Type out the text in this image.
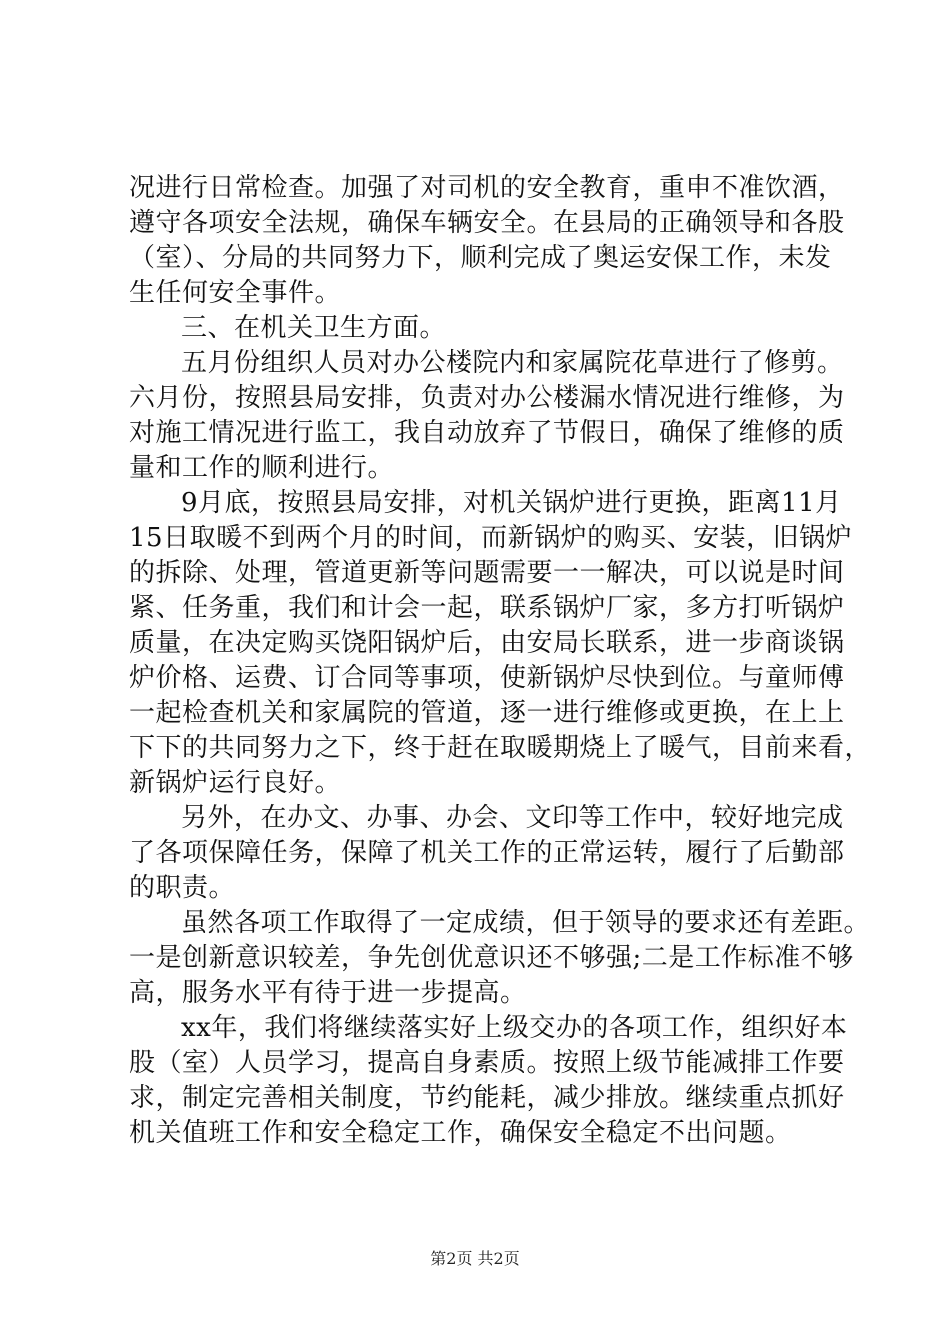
况进行日常检查。加强了对司机的安全教育，重申不准饮酒，
遵守各项安全法规，确保车辆安全。在县局的正确领导和各股
（室）、分局的共同努力下，顺利完成了奥运安保工作，未发
生任何安全事件。
三、在机关卫生方面。
五月份组织人员对办公楼院内和家属院花草进行了修剪。
六月份，按照县局安排，负责对办公楼漏水情况进行维修，为
对施工情况进行监工，我自动放弃了节假日，确保了维修的质
量和工作的顺利进行。
9月底，按照县局安排，对机关锅炉进行更换，距离11月
15日取暖不到两个月的时间，而新锅炉的购买、安装，旧锅炉
的拆除、处理，管道更新等问题需要一一解决，可以说是时间
紧、任务重，我们和计会一起，联系锅炉厂家，多方打听锅炉
质量，在决定购买饶阳锅炉后，由安局长联系，进一步商谈锅
炉价格、运费、订合同等事项，使新锅炉尽快到位。与童师傅
一起检查机关和家属院的管道，逐一进行维修或更换，在上上
下下的共同努力之下，终于赶在取暖期烧上了暖气，目前来看，
新锅炉运行良好。
另外，在办文、办事、办会、文印等工作中，较好地完成
了各项保障任务，保障了机关工作的正常运转，履行了后勤部
的职责。
虽然各项工作取得了一定成绩，但于领导的要求还有差距。
一是创新意识较差，争先创优意识还不够强;二是工作标准不够
高，服务水平有待于进一步提高。
xx年，我们将继续落实好上级交办的各项工作，组织好本
股（室）人员学习，提高自身素质。按照上级节能减排工作要
求，制定完善相关制度，节约能耗，减少排放。继续重点抓好
机关值班工作和安全稳定工作，确保安全稳定不出问题。
第2页 共2页
